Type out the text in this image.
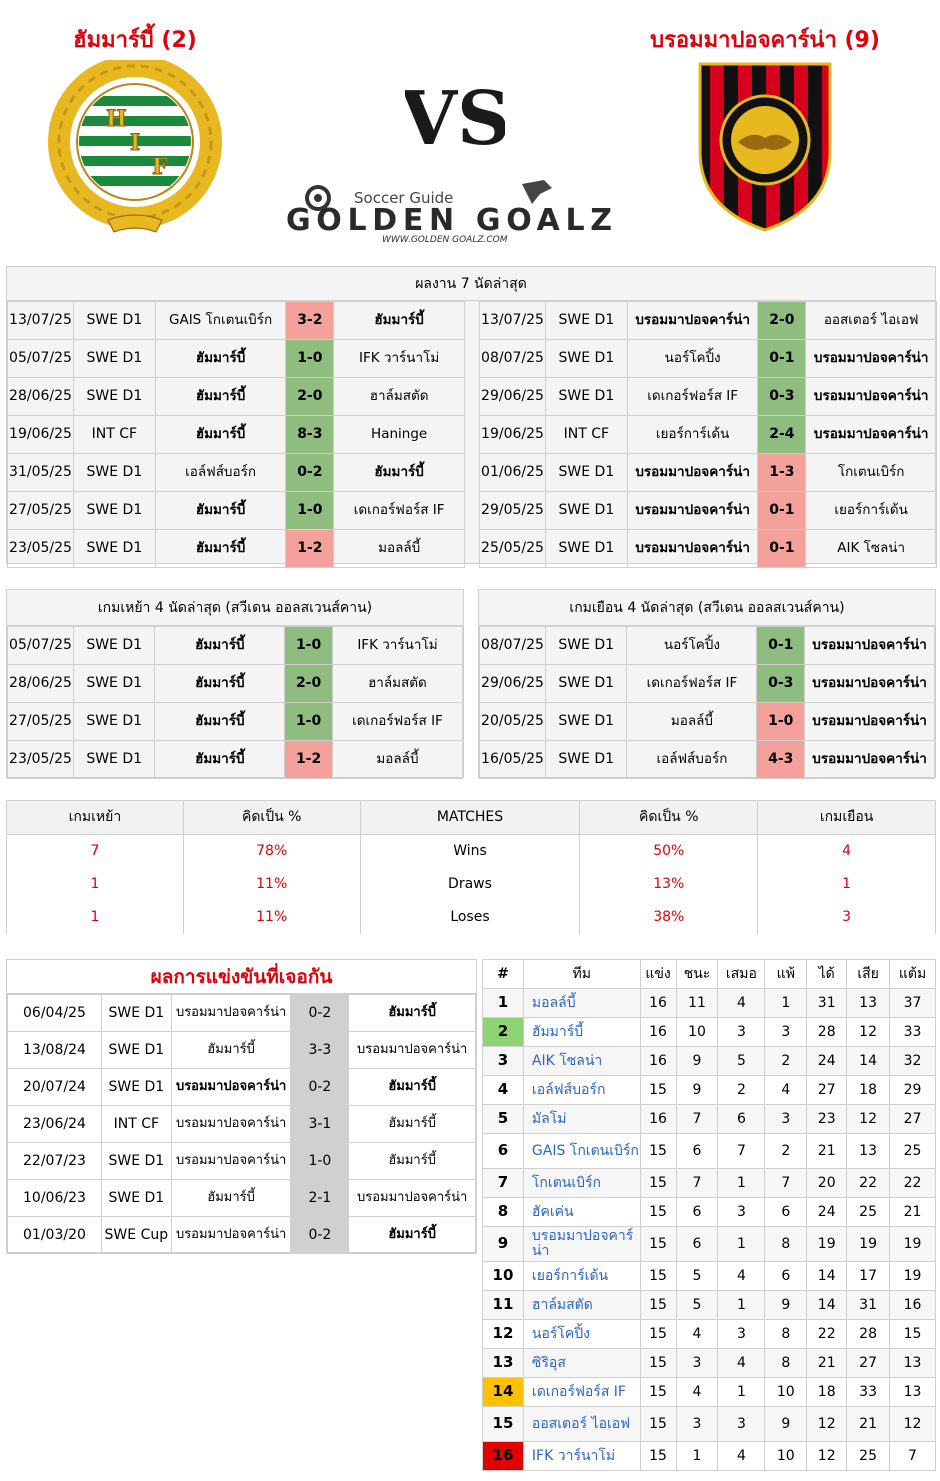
ฮัมมาร์บี้ (2)	บรอมมาปอจคาร์น่า (9)
H
I
F
VS
Soccer Guide
GOLDEN GOALZ
WWW.GOLDEN GOALZ.COM
ผลงาน 7 นัดล่าสุด
13/07/25	SWE D1	GAIS โกเตนเบิร์ก	3-2	ฮัมมาร์บี้
05/07/25	SWE D1	ฮัมมาร์บี้	1-0	IFK วาร์นาโม่
28/06/25	SWE D1	ฮัมมาร์บี้	2-0	ฮาล์มสตัด
19/06/25	INT CF	ฮัมมาร์บี้	8-3	Haninge
31/05/25	SWE D1	เอล์ฟส์บอร์ก	0-2	ฮัมมาร์บี้
27/05/25	SWE D1	ฮัมมาร์บี้	1-0	เดเกอร์ฟอร์ส IF
23/05/25	SWE D1	ฮัมมาร์บี้	1-2	มอลล์บี้
13/07/25	SWE D1	บรอมมาปอจคาร์น่า	2-0	ออสเตอร์ ไอเอฟ
08/07/25	SWE D1	นอร์โคปิ้ง	0-1	บรอมมาปอจคาร์น่า
29/06/25	SWE D1	เดเกอร์ฟอร์ส IF	0-3	บรอมมาปอจคาร์น่า
19/06/25	INT CF	เยอร์การ์เด้น	2-4	บรอมมาปอจคาร์น่า
01/06/25	SWE D1	บรอมมาปอจคาร์น่า	1-3	โกเตนเบิร์ก
29/05/25	SWE D1	บรอมมาปอจคาร์น่า	0-1	เยอร์การ์เด้น
25/05/25	SWE D1	บรอมมาปอจคาร์น่า	0-1	AIK โซลน่า
เกมเหย้า 4 นัดล่าสุด (สวีเดน ออลสเวนส์คาน)
05/07/25	SWE D1	ฮัมมาร์บี้	1-0	IFK วาร์นาโม่
28/06/25	SWE D1	ฮัมมาร์บี้	2-0	ฮาล์มสตัด
27/05/25	SWE D1	ฮัมมาร์บี้	1-0	เดเกอร์ฟอร์ส IF
23/05/25	SWE D1	ฮัมมาร์บี้	1-2	มอลล์บี้
เกมเยือน 4 นัดล่าสุด (สวีเดน ออลสเวนส์คาน)
08/07/25	SWE D1	นอร์โคปิ้ง	0-1	บรอมมาปอจคาร์น่า
29/06/25	SWE D1	เดเกอร์ฟอร์ส IF	0-3	บรอมมาปอจคาร์น่า
20/05/25	SWE D1	มอลล์บี้	1-0	บรอมมาปอจคาร์น่า
16/05/25	SWE D1	เอล์ฟส์บอร์ก	4-3	บรอมมาปอจคาร์น่า
เกมเหย้า	คิดเป็น %	MATCHES	คิดเป็น %	เกมเยือน
7	78%	Wins	50%	4
1	11%	Draws	13%	1
1	11%	Loses	38%	3
ผลการแข่งขันที่เจอกัน
06/04/25	SWE D1	บรอมมาปอจคาร์น่า	0-2	ฮัมมาร์บี้
13/08/24	SWE D1	ฮัมมาร์บี้	3-3	บรอมมาปอจคาร์น่า
20/07/24	SWE D1	บรอมมาปอจคาร์น่า	0-2	ฮัมมาร์บี้
23/06/24	INT CF	บรอมมาปอจคาร์น่า	3-1	ฮัมมาร์บี้
22/07/23	SWE D1	บรอมมาปอจคาร์น่า	1-0	ฮัมมาร์บี้
10/06/23	SWE D1	ฮัมมาร์บี้	2-1	บรอมมาปอจคาร์น่า
01/03/20	SWE Cup	บรอมมาปอจคาร์น่า	0-2	ฮัมมาร์บี้
#	ทีม	แข่ง	ชนะ	เสมอ	แพ้	ได้	เสีย	แต้ม
1	มอลล์บี้	16	11	4	1	31	13	37
2	ฮัมมาร์บี้	16	10	3	3	28	12	33
3	AIK โซลน่า	16	9	5	2	24	14	32
4	เอล์ฟส์บอร์ก	15	9	2	4	27	18	29
5	มัลโม่	16	7	6	3	23	12	27
6	GAIS โกเตนเบิร์ก	15	6	7	2	21	13	25
7	โกเตนเบิร์ก	15	7	1	7	20	22	22
8	ฮัคเค่น	15	6	3	6	24	25	21
9	บรอมมาปอจคาร์น่า	15	6	1	8	19	19	19
10	เยอร์การ์เด้น	15	5	4	6	14	17	19
11	ฮาล์มสตัด	15	5	1	9	14	31	16
12	นอร์โคปิ้ง	15	4	3	8	22	28	15
13	ซิริอุส	15	3	4	8	21	27	13
14	เดเกอร์ฟอร์ส IF	15	4	1	10	18	33	13
15	ออสเตอร์ ไอเอฟ	15	3	3	9	12	21	12
16	IFK วาร์นาโม่	15	1	4	10	12	25	7
